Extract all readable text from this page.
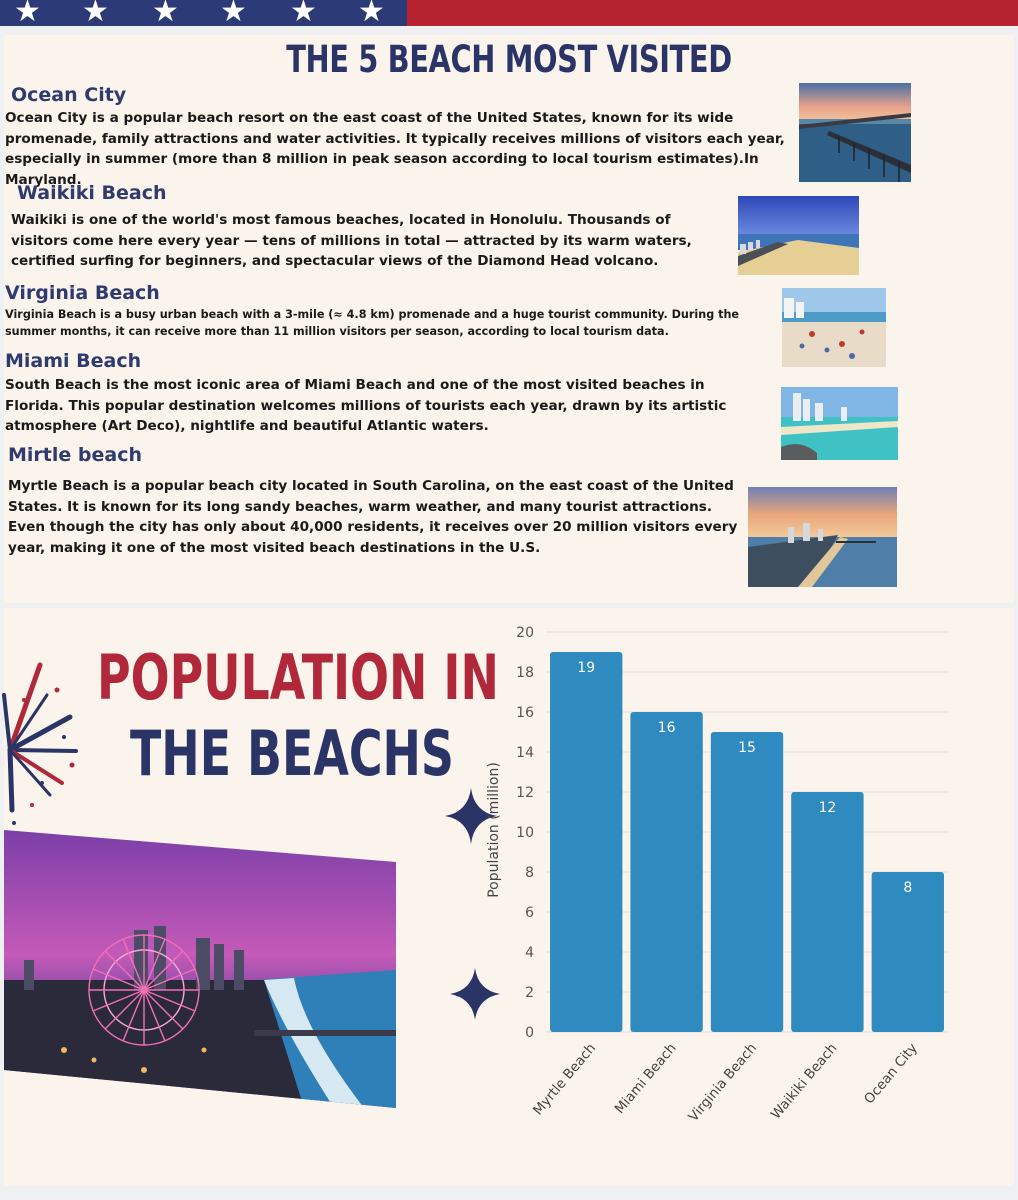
★ ★ ★ ★ ★ ★
THE 5 BEACH MOST VISITED
Ocean City
Ocean City is a popular beach resort on the east coast of the United States, known for its wide promenade, family attractions and water activities. It typically receives millions of visitors each year, especially in summer (more than 8 million in peak season according to local tourism estimates).In Maryland.
Waikiki Beach
Waikiki is one of the world's most famous beaches, located in Honolulu. Thousands of visitors come here every year — tens of millions in total — attracted by its warm waters, certified surfing for beginners, and spectacular views of the Diamond Head volcano.
Virginia Beach
Virginia Beach is a busy urban beach with a 3-mile (≈ 4.8 km) promenade and a huge tourist community. During the summer months, it can receive more than 11 million visitors per season, according to local tourism data.
Miami Beach
South Beach is the most iconic area of Miami Beach and one of the most visited beaches in Florida. This popular destination welcomes millions of tourists each year, drawn by its artistic atmosphere (Art Deco), nightlife and beautiful Atlantic waters.
Mirtle beach
Myrtle Beach is a popular beach city located in South Carolina, on the east coast of the United States. It is known for its long sandy beaches, warm weather, and many tourist attractions. Even though the city has only about 40,000 residents, it receives over 20 million visitors every year, making it one of the most visited beach destinations in the U.S.
POPULATION IN
THE BEACHS
0
2
4
6
8
10
12
14
16
18
20
Population (million)
19
16
15
12
8
Myrtle Beach Miami Beach Virginia Beach Waikiki Beach Ocean City
